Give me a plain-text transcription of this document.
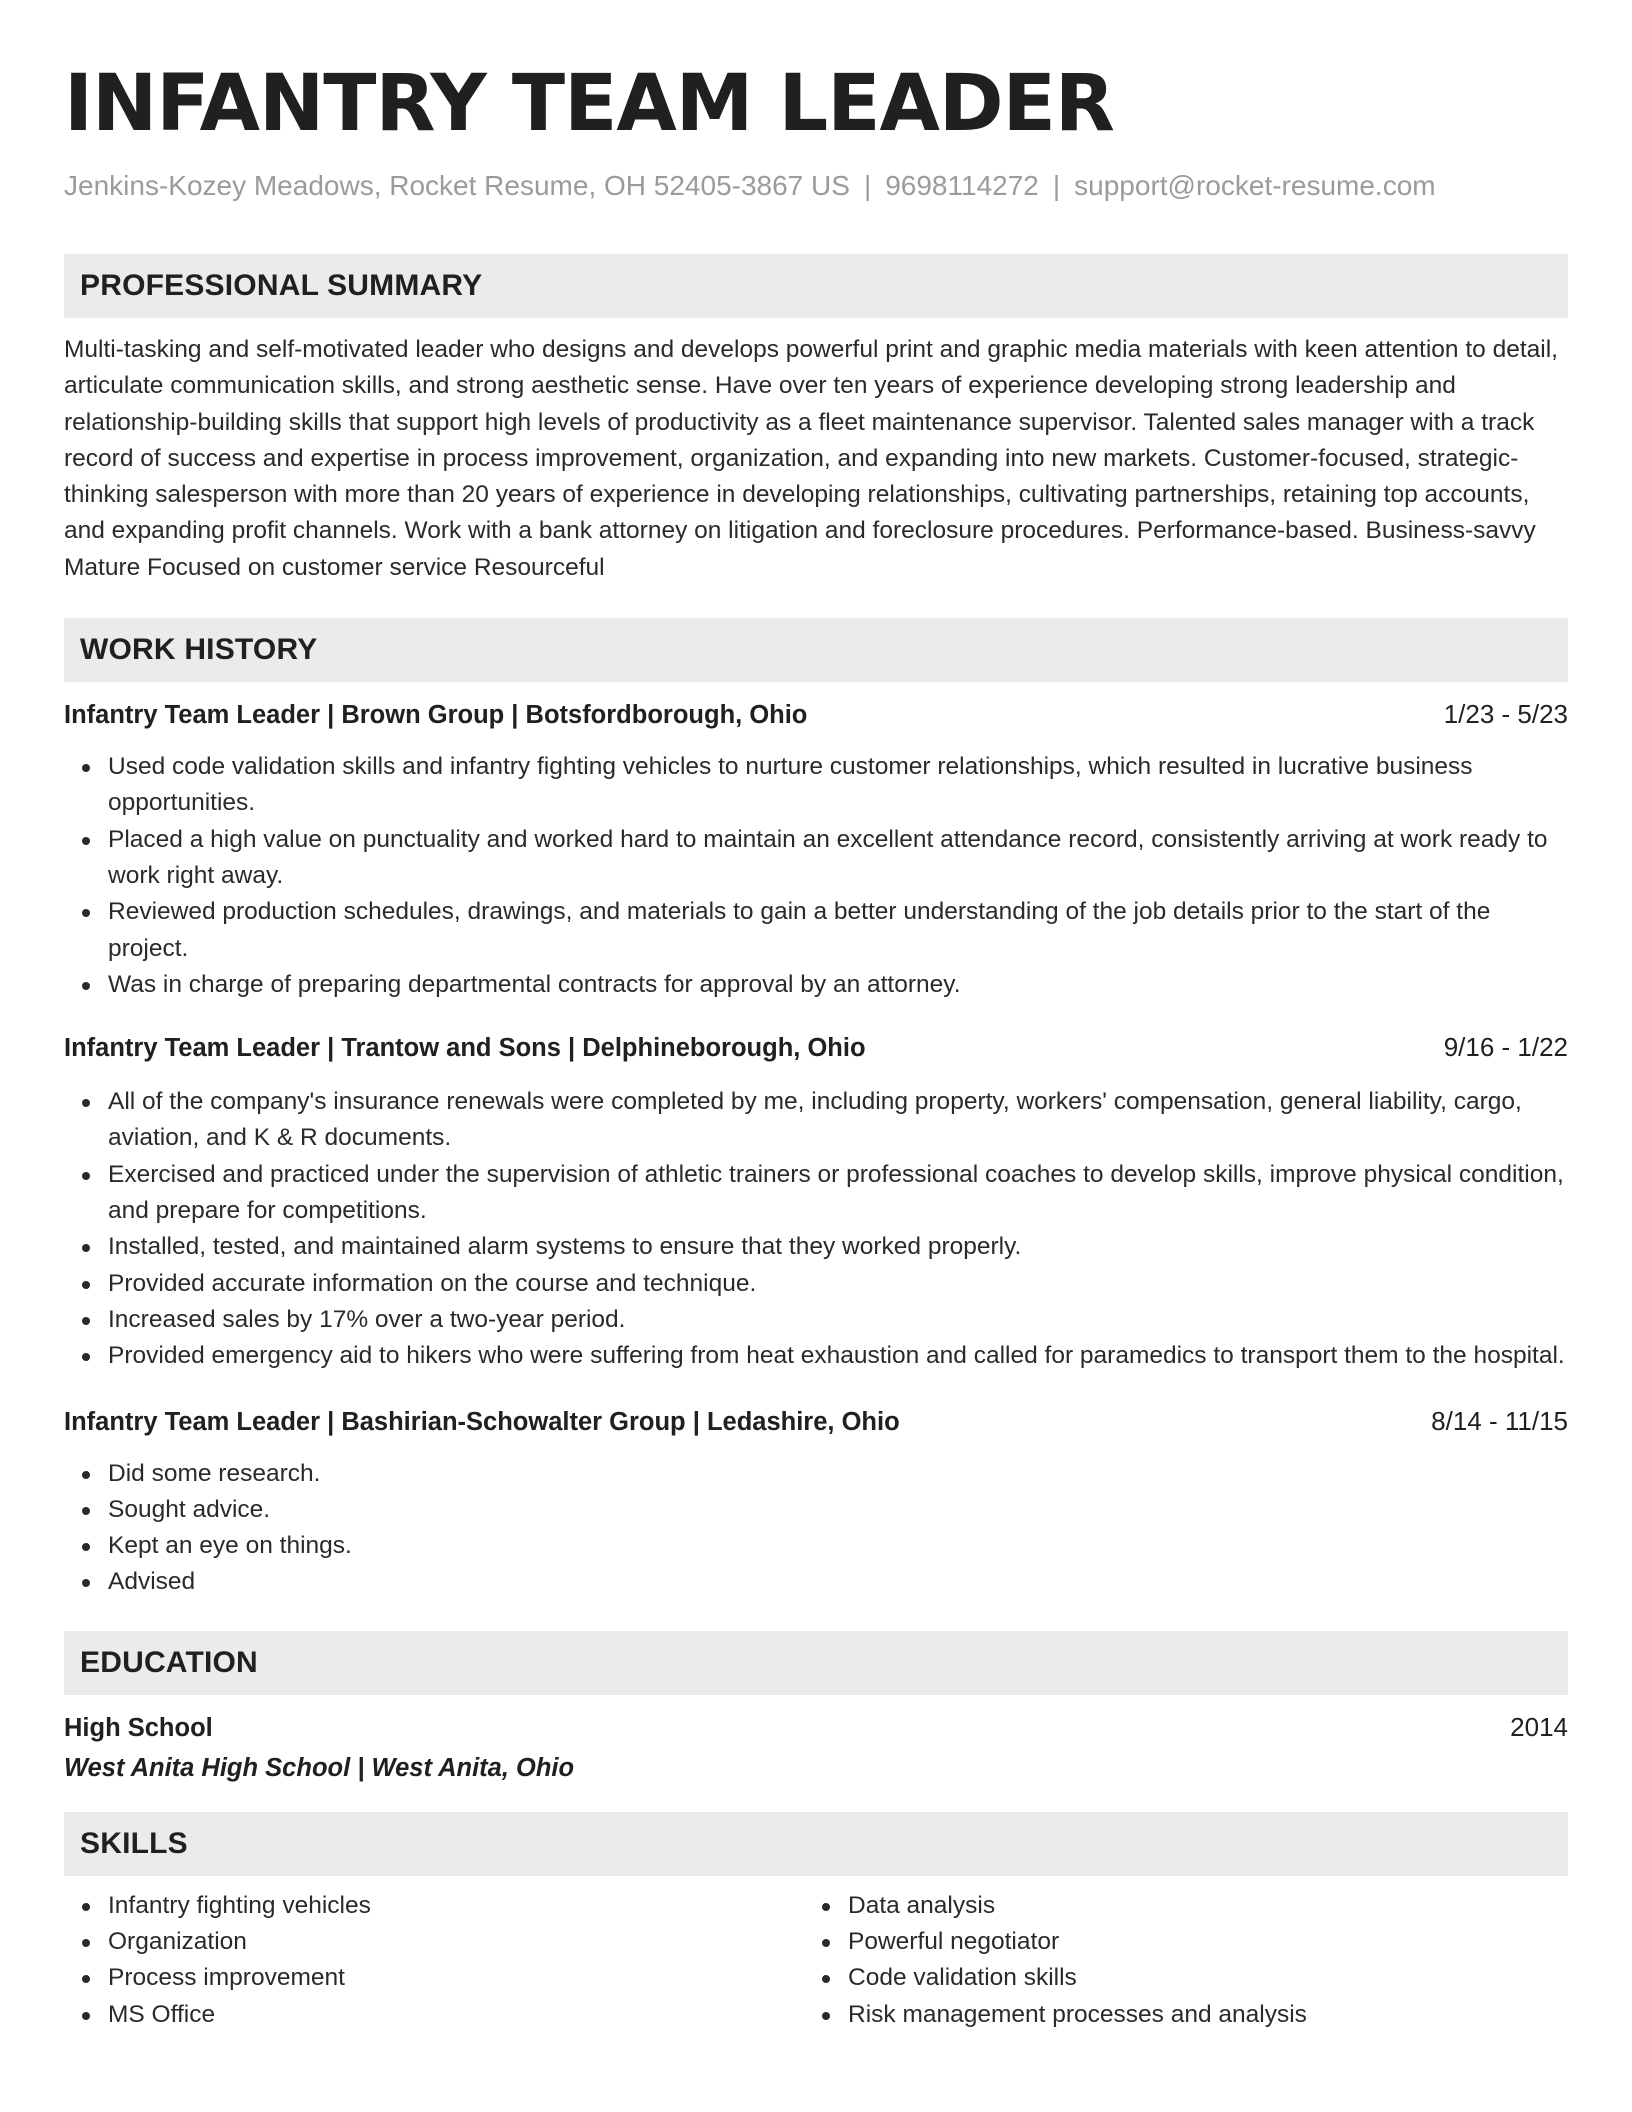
INFANTRY TEAM LEADER
Jenkins-Kozey Meadows, Rocket Resume, OH 52405-3867 US | 9698114272 | support@rocket-resume.com
PROFESSIONAL SUMMARY
Multi-tasking and self-motivated leader who designs and develops powerful print and graphic media materials with keen attention to detail, articulate communication skills, and strong aesthetic sense. Have over ten years of experience developing strong leadership and relationship-building skills that support high levels of productivity as a fleet maintenance supervisor. Talented sales manager with a track record of success and expertise in process improvement, organization, and expanding into new markets. Customer-focused, strategic-thinking salesperson with more than 20 years of experience in developing relationships, cultivating partnerships, retaining top accounts, and expanding profit channels. Work with a bank attorney on litigation and foreclosure procedures. Performance-based. Business-savvy Mature Focused on customer service Resourceful
WORK HISTORY
Infantry Team Leader | Brown Group | Botsfordborough, Ohio	1/23 - 5/23
Used code validation skills and infantry fighting vehicles to nurture customer relationships, which resulted in lucrative business opportunities.
Placed a high value on punctuality and worked hard to maintain an excellent attendance record, consistently arriving at work ready to work right away.
Reviewed production schedules, drawings, and materials to gain a better understanding of the job details prior to the start of the project.
Was in charge of preparing departmental contracts for approval by an attorney.
Infantry Team Leader | Trantow and Sons | Delphineborough, Ohio	9/16 - 1/22
All of the company's insurance renewals were completed by me, including property, workers' compensation, general liability, cargo, aviation, and K & R documents.
Exercised and practiced under the supervision of athletic trainers or professional coaches to develop skills, improve physical condition, and prepare for competitions.
Installed, tested, and maintained alarm systems to ensure that they worked properly.
Provided accurate information on the course and technique.
Increased sales by 17% over a two-year period.
Provided emergency aid to hikers who were suffering from heat exhaustion and called for paramedics to transport them to the hospital.
Infantry Team Leader | Bashirian-Schowalter Group | Ledashire, Ohio	8/14 - 11/15
Did some research.
Sought advice.
Kept an eye on things.
Advised
EDUCATION
High School	2014
West Anita High School | West Anita, Ohio
SKILLS
Infantry fighting vehicles
Organization
Process improvement
MS Office
Data analysis
Powerful negotiator
Code validation skills
Risk management processes and analysis
